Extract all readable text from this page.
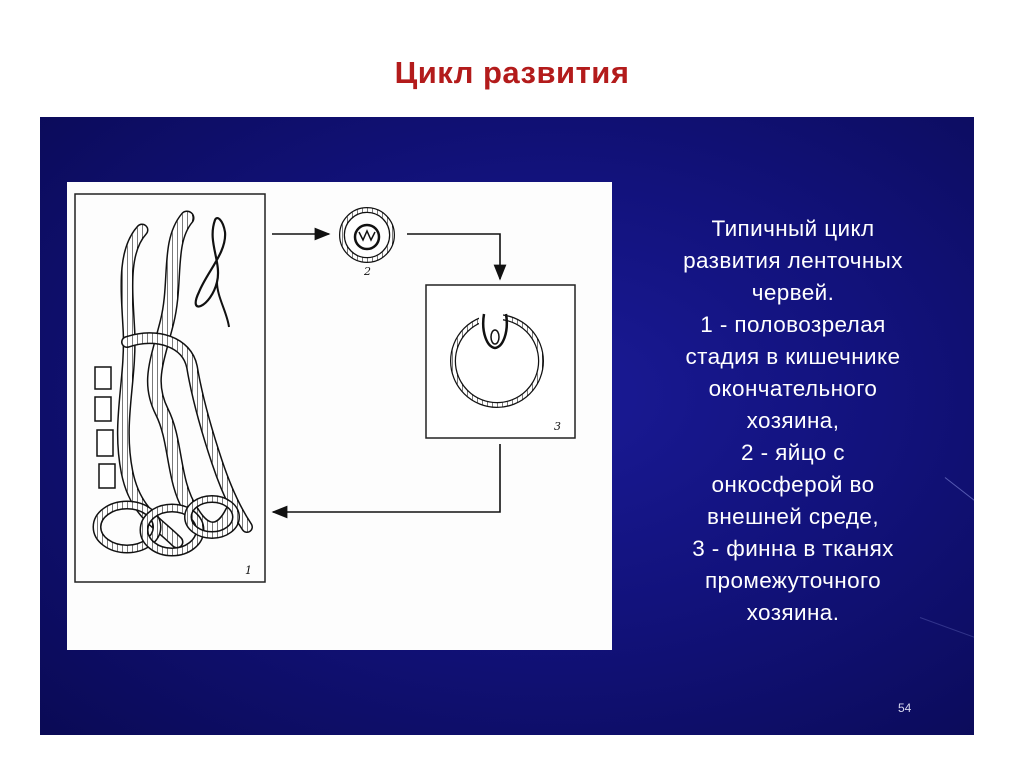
Цикл развития
1
2
3
Типичный цикл
развития ленточных
червей.
1 - половозрелая
стадия в кишечнике
окончательного
хозяина,
2 - яйцо с
онкосферой во
внешней среде,
3 - финна в тканях
промежуточного
хозяина.
54
